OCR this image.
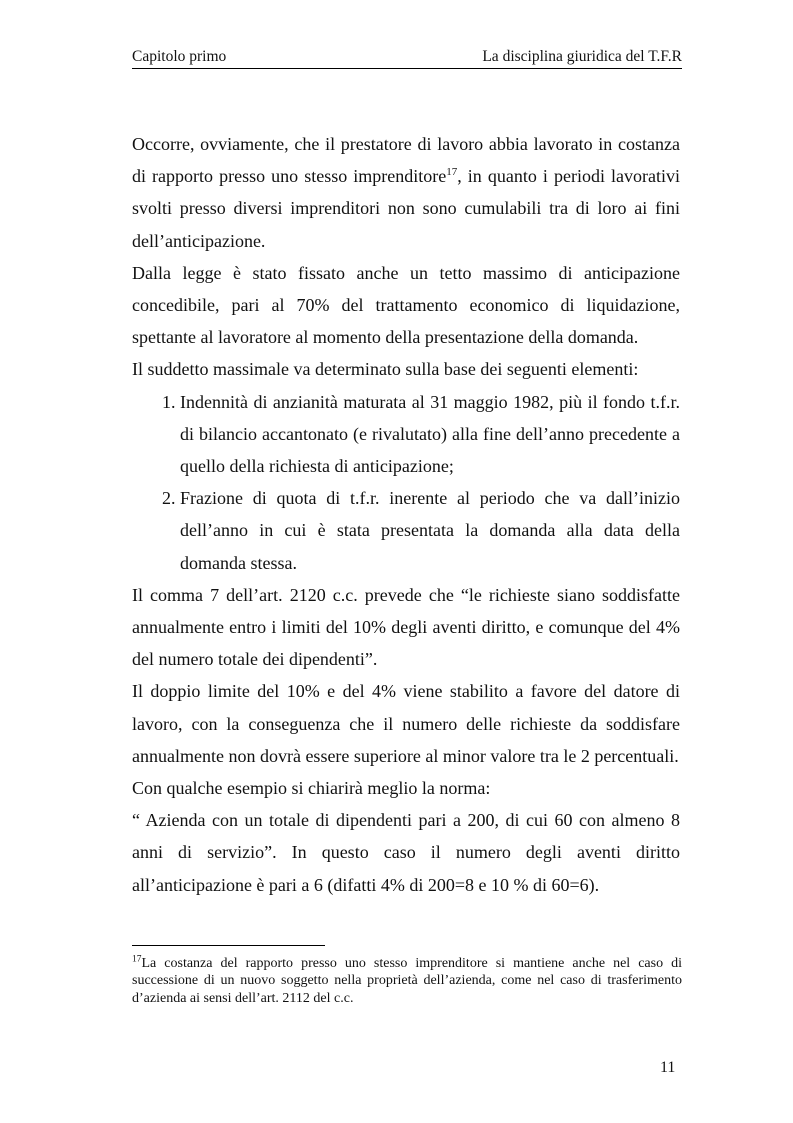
Capitolo primo	La disciplina giuridica del T.F.R

Occorre, ovviamente, che il prestatore di lavoro abbia lavorato in costanza di rapporto presso uno stesso imprenditore$^{17}$, in quanto i periodi lavorativi svolti presso diversi imprenditori non sono cumulabili tra di loro ai fini dell’anticipazione.

Dalla legge è stato fissato anche un tetto massimo di anticipazione concedibile, pari al 70% del trattamento economico di liquidazione, spettante al lavoratore al momento della presentazione della domanda.

Il suddetto massimale va determinato sulla base dei seguenti elementi:

1. Indennità di anzianità maturata al 31 maggio 1982, più il fondo t.f.r. di bilancio accantonato (e rivalutato) alla fine dell’anno precedente a quello della richiesta di anticipazione;
2. Frazione di quota di t.f.r. inerente al periodo che va dall’inizio dell’anno in cui è stata presentata la domanda alla data della domanda stessa.

Il comma 7 dell’art. 2120 c.c. prevede che “le richieste siano soddisfatte annualmente entro i limiti del 10% degli aventi diritto, e comunque del 4% del numero totale dei dipendenti”.

Il doppio limite del 10% e del 4% viene stabilito a favore del datore di lavoro, con la conseguenza che il numero delle richieste da soddisfare annualmente non dovrà essere superiore al minor valore tra le 2 percentuali.

Con qualche esempio si chiarirà meglio la norma:

“ Azienda con un totale di dipendenti pari a 200, di cui 60 con almeno 8 anni di servizio”. In questo caso il numero degli aventi diritto all’anticipazione è pari a 6 (difatti 4% di 200=8 e 10 % di 60=6).

$^{17}$La costanza del rapporto presso uno stesso imprenditore si mantiene anche nel caso di successione di un nuovo soggetto nella proprietà dell’azienda, come nel caso di trasferimento d’azienda ai sensi dell’art. 2112 del c.c.
11
